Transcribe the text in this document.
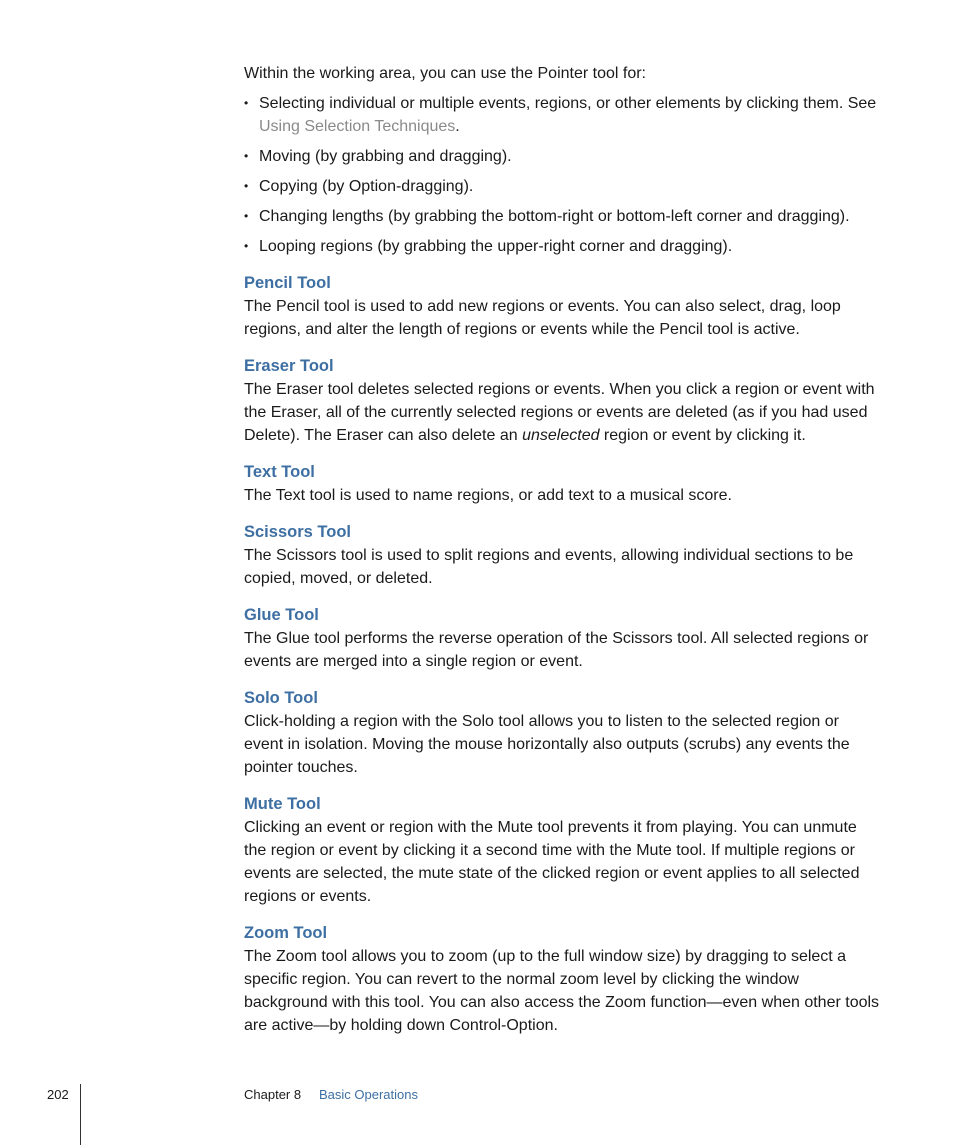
Within the working area, you can use the Pointer tool for:

• Selecting individual or multiple events, regions, or other elements by clicking them. See Using Selection Techniques.
• Moving (by grabbing and dragging).
• Copying (by Option-dragging).
• Changing lengths (by grabbing the bottom-right or bottom-left corner and dragging).
• Looping regions (by grabbing the upper-right corner and dragging).
Pencil Tool

The Pencil tool is used to add new regions or events. You can also select, drag, loop regions, and alter the length of regions or events while the Pencil tool is active.

Eraser Tool

The Eraser tool deletes selected regions or events. When you click a region or event with the Eraser, all of the currently selected regions or events are deleted (as if you had used Delete). The Eraser can also delete an unselected region or event by clicking it.

Text Tool

The Text tool is used to name regions, or add text to a musical score.

Scissors Tool

The Scissors tool is used to split regions and events, allowing individual sections to be copied, moved, or deleted.

Glue Tool

The Glue tool performs the reverse operation of the Scissors tool. All selected regions or events are merged into a single region or event.

Solo Tool

Click-holding a region with the Solo tool allows you to listen to the selected region or event in isolation. Moving the mouse horizontally also outputs (scrubs) any events the pointer touches.

Mute Tool

Clicking an event or region with the Mute tool prevents it from playing. You can unmute the region or event by clicking it a second time with the Mute tool. If multiple regions or events are selected, the mute state of the clicked region or event applies to all selected regions or events.

Zoom Tool

The Zoom tool allows you to zoom (up to the full window size) by dragging to select a specific region. You can revert to the normal zoom level by clicking the window background with this tool. You can also access the Zoom function—even when other tools are active—by holding down Control-Option.

202	Chapter 8 Basic Operations
